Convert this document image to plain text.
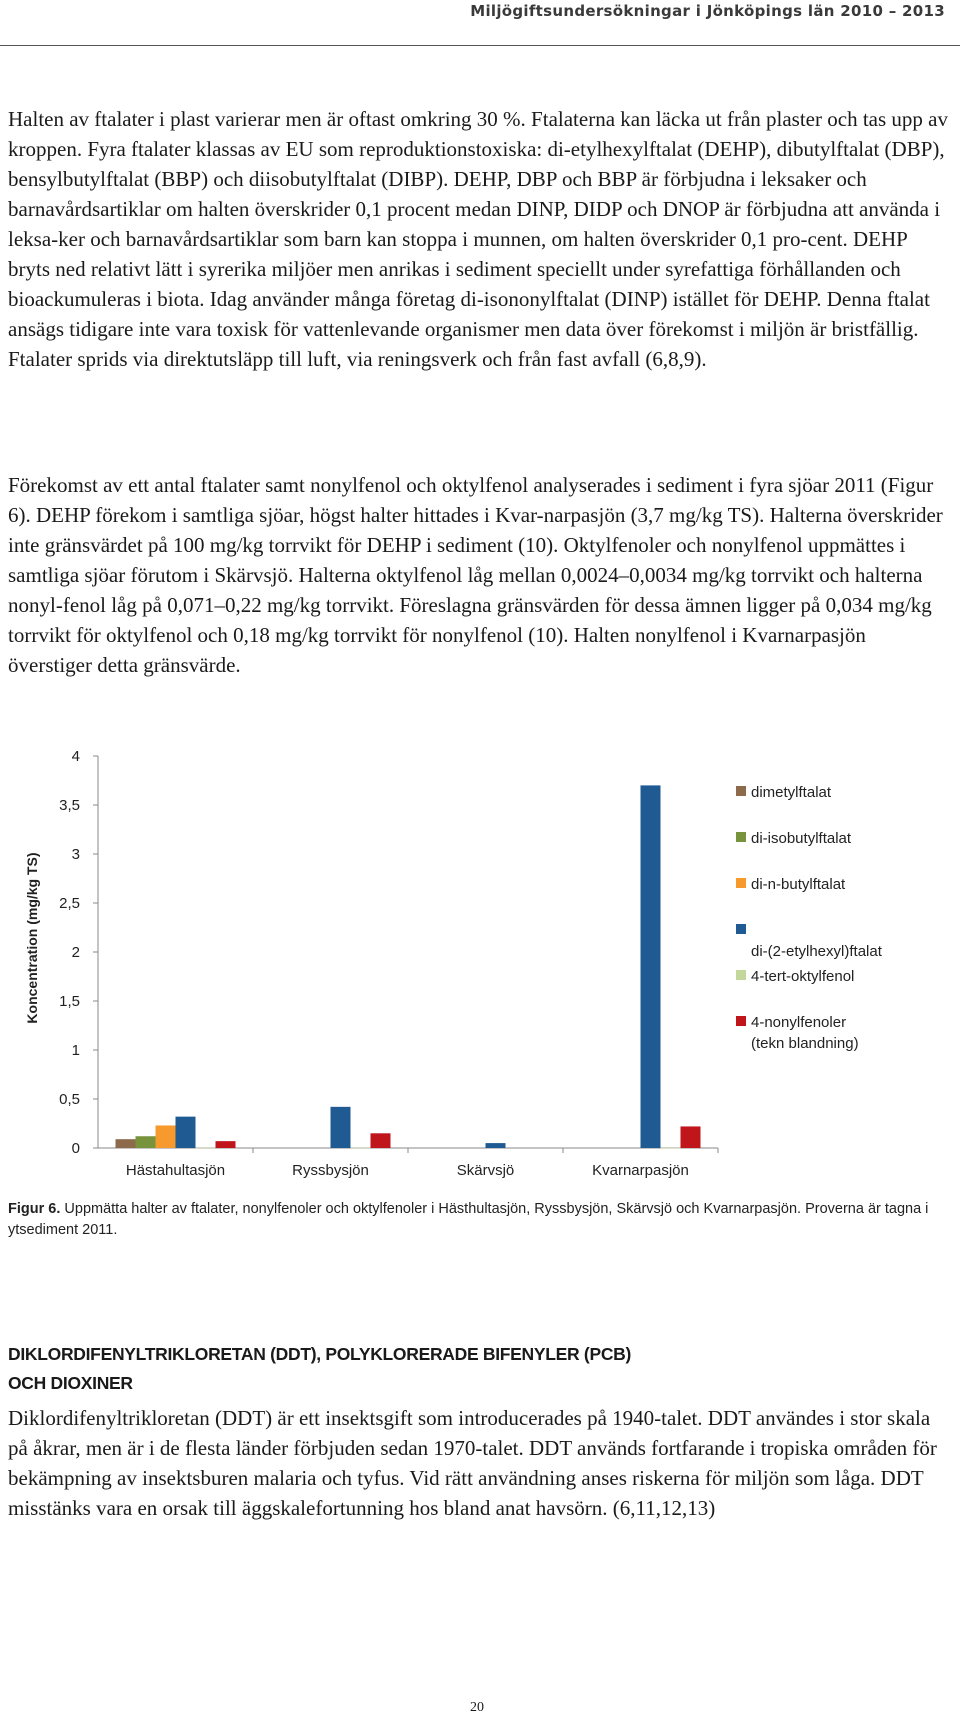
Miljögiftsundersökningar i Jönköpings län 2010 – 2013

Halten av ftalater i plast varierar men är oftast omkring 30 %. Ftalaterna kan läcka ut från plaster och tas upp av kroppen. Fyra ftalater klassas av EU som reproduktionstoxiska: di-etylhexylftalat (DEHP), dibutylftalat (DBP), bensylbutylftalat (BBP) och diisobutylftalat (DIBP). DEHP, DBP och BBP är förbjudna i leksaker och barnavårdsartiklar om halten överskrider 0,1 procent medan DINP, DIDP och DNOP är förbjudna att använda i leksa-ker och barnavårdsartiklar som barn kan stoppa i munnen, om halten överskrider 0,1 pro-cent. DEHP bryts ned relativt lätt i syrerika miljöer men anrikas i sediment speciellt under syrefattiga förhållanden och bioackumuleras i biota. Idag använder många företag di-isononylftalat (DINP) istället för DEHP. Denna ftalat ansägs tidigare inte vara toxisk för vattenlevande organismer men data över förekomst i miljön är bristfällig. Ftalater sprids via direktutsläpp till luft, via reningsverk och från fast avfall (6,8,9).

Förekomst av ett antal ftalater samt nonylfenol och oktylfenol analyserades i sediment i fyra sjöar 2011 (Figur 6). DEHP förekom i samtliga sjöar, högst halter hittades i Kvar-narpasjön (3,7 mg/kg TS). Halterna överskrider inte gränsvärdet på 100 mg/kg torrvikt för DEHP i sediment (10). Oktylfenoler och nonylfenol uppmättes i samtliga sjöar förutom i Skärvsjö. Halterna oktylfenol låg mellan 0,0024–0,0034 mg/kg torrvikt och halterna nonyl-fenol låg på 0,071–0,22 mg/kg torrvikt. Föreslagna gränsvärden för dessa ämnen ligger på 0,034 mg/kg torrvikt för oktylfenol och 0,18 mg/kg torrvikt för nonylfenol (10). Halten nonylfenol i Kvarnarpasjön överstiger detta gränsvärde.

0
0,5
1
1,5
2
2,5
3
3,5
4
Koncentration (mg/kg TS)
Hästahultasjön	Ryssbysjön	Skärvsjö	Kvarnarpasjön
dimetylftalat
di-isobutylftalat
di-n-butylftalat
di-(2-etylhexyl)ftalat
4-tert-oktylfenol
4-nonylfenoler (tekn blandning)
Figur 6. Uppmätta halter av ftalater, nonylfenoler och oktylfenoler i Hästhultasjön, Ryssbysjön, Skärvsjö och Kvarnarpasjön. Proverna är tagna i ytsediment 2011.
DIKLORDIFENYLTRIKLORETAN (DDT), POLYKLORERADE BIFENYLER (PCB)
OCH DIOXINER

Diklordifenyltrikloretan (DDT) är ett insektsgift som introducerades på 1940-talet. DDT användes i stor skala på åkrar, men är i de flesta länder förbjuden sedan 1970-talet. DDT används fortfarande i tropiska områden för bekämpning av insektsburen malaria och tyfus. Vid rätt användning anses riskerna för miljön som låga. DDT misstänks vara en orsak till äggskalefortunning hos bland anat havsörn. (6,11,12,13)

20
